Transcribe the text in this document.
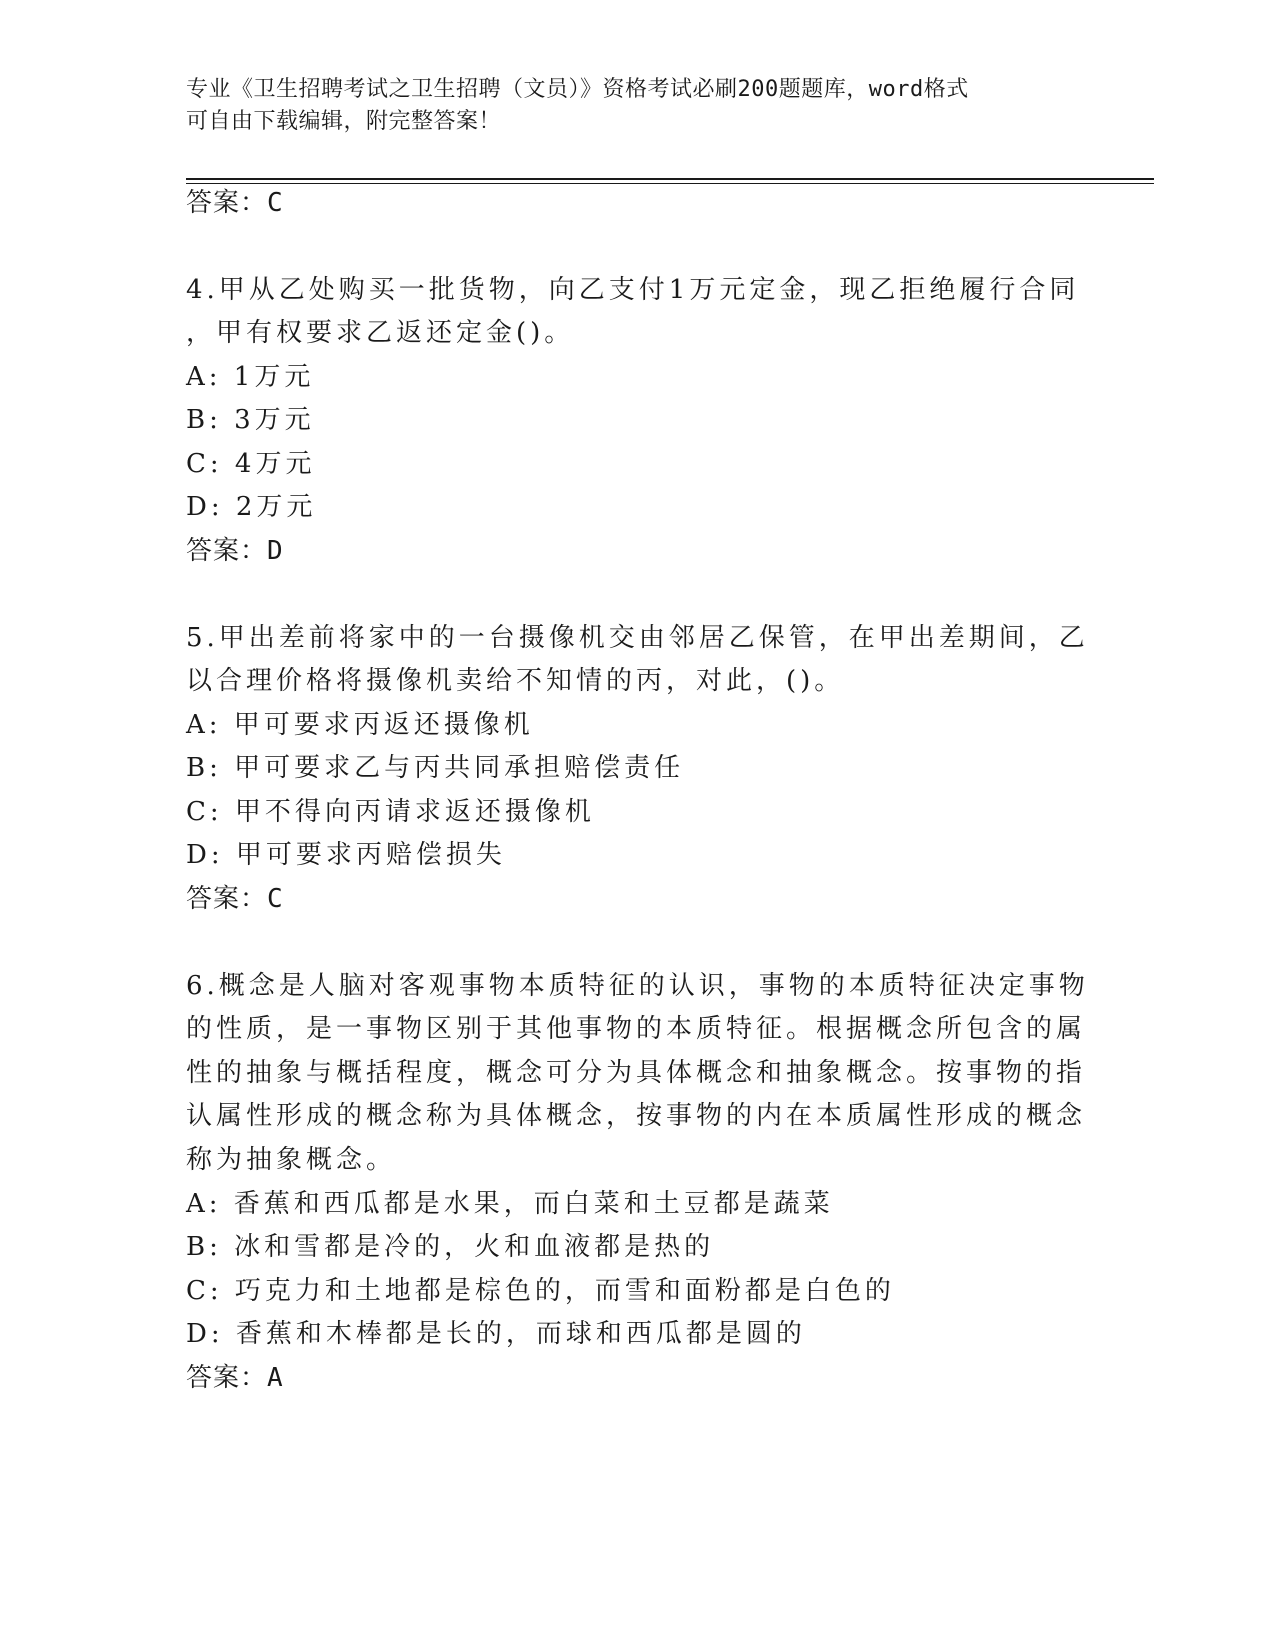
专业《卫生招聘考试之卫生招聘（文员）》资格考试必刷200题题库，word格式
可自由下载编辑，附完整答案！
答案：C
4.甲从乙处购买一批货物，向乙支付1万元定金，现乙拒绝履行合同
，甲有权要求乙返还定金()。
A: 1万元
B: 3万元
C: 4万元
D: 2万元
答案：D
5.甲出差前将家中的一台摄像机交由邻居乙保管，在甲出差期间，乙
以合理价格将摄像机卖给不知情的丙，对此，()。
A: 甲可要求丙返还摄像机
B: 甲可要求乙与丙共同承担赔偿责任
C: 甲不得向丙请求返还摄像机
D: 甲可要求丙赔偿损失
答案：C
6.概念是人脑对客观事物本质特征的认识，事物的本质特征决定事物
的性质，是一事物区别于其他事物的本质特征。根据概念所包含的属
性的抽象与概括程度，概念可分为具体概念和抽象概念。按事物的指
认属性形成的概念称为具体概念，按事物的内在本质属性形成的概念
称为抽象概念。
A: 香蕉和西瓜都是水果，而白菜和土豆都是蔬菜
B: 冰和雪都是冷的，火和血液都是热的
C: 巧克力和土地都是棕色的，而雪和面粉都是白色的
D: 香蕉和木棒都是长的，而球和西瓜都是圆的
答案：A
